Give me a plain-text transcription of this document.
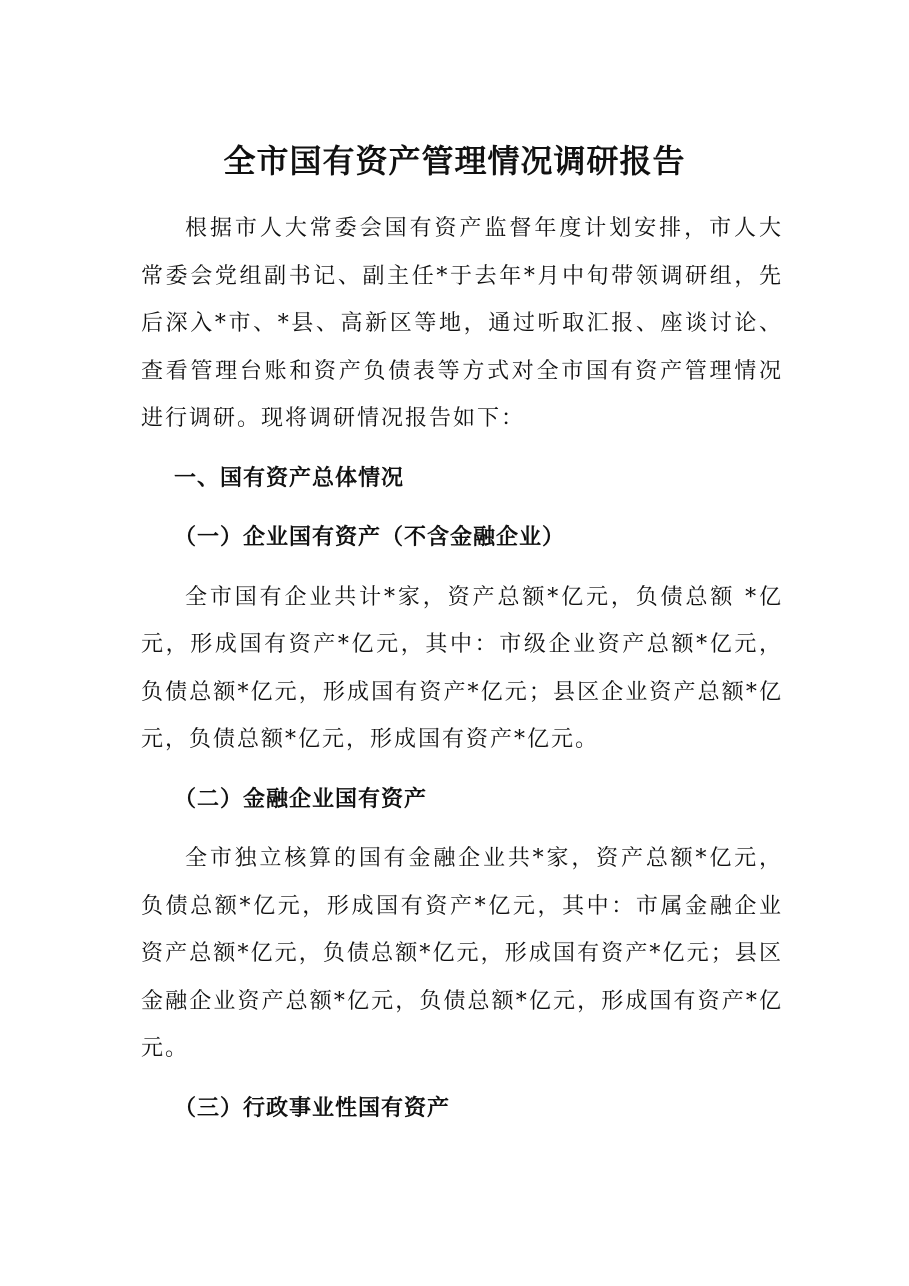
全市国有资产管理情况调研报告

根据市人大常委会国有资产监督年度计划安排，市人大常委会党组副书记、副主任*于去年*月中旬带领调研组，先后深入*市、*县、高新区等地，通过听取汇报、座谈讨论、查看管理台账和资产负债表等方式对全市国有资产管理情况进行调研。现将调研情况报告如下：

一、国有资产总体情况

（一）企业国有资产（不含金融企业）

全市国有企业共计*家，资产总额*亿元，负债总额 *亿元，形成国有资产*亿元，其中：市级企业资产总额*亿元，负债总额*亿元，形成国有资产*亿元；县区企业资产总额*亿元，负债总额*亿元，形成国有资产*亿元。

（二）金融企业国有资产

全市独立核算的国有金融企业共*家，资产总额*亿元，负债总额*亿元，形成国有资产*亿元，其中：市属金融企业资产总额*亿元，负债总额*亿元，形成国有资产*亿元；县区金融企业资产总额*亿元，负债总额*亿元，形成国有资产*亿元。

（三）行政事业性国有资产
